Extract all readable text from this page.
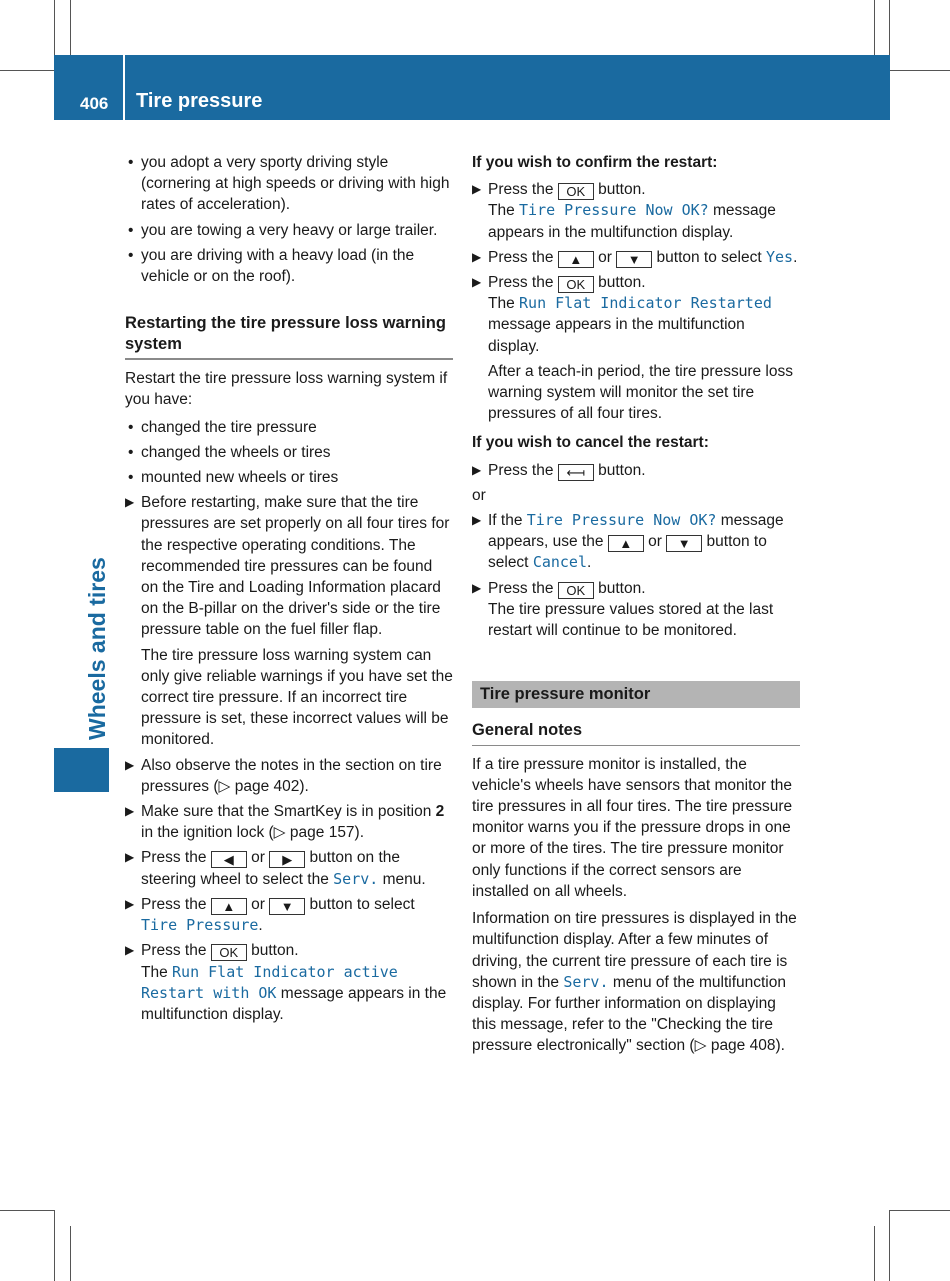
406 Tire pressure
Wheels and tires
• you adopt a very sporty driving style (cornering at high speeds or driving with high rates of acceleration).
• you are towing a very heavy or large trailer.
• you are driving with a heavy load (in the vehicle or on the roof).
Restarting the tire pressure loss warning system
Restart the tire pressure loss warning system if you have:
• changed the tire pressure
• changed the wheels or tires
• mounted new wheels or tires
▶ Before restarting, make sure that the tire pressures are set properly on all four tires for the respective operating conditions. The recommended tire pressures can be found on the Tire and Loading Information placard on the B-pillar on the driver's side or the tire pressure table on the fuel filler flap.
The tire pressure loss warning system can only give reliable warnings if you have set the correct tire pressure. If an incorrect tire pressure is set, these incorrect values will be monitored.
▶ Also observe the notes in the section on tire pressures (▷ page 402).
▶ Make sure that the SmartKey is in position 2 in the ignition lock (▷ page 157).
▶ Press the ◀ or ▶ button on the steering wheel to select the Serv. menu.
▶ Press the ▲ or ▼ button to select Tire Pressure.
▶ Press the OK button.
The Run Flat Indicator active Restart with OK message appears in the multifunction display.
If you wish to confirm the restart:
▶ Press the OK button.
The Tire Pressure Now OK? message appears in the multifunction display.
▶ Press the ▲ or ▼ button to select Yes.
▶ Press the OK button.
The Run Flat Indicator Restarted message appears in the multifunction display.
After a teach-in period, the tire pressure loss warning system will monitor the set tire pressures of all four tires.
If you wish to cancel the restart:
▶ Press the ⟻ button.
or
▶ If the Tire Pressure Now OK? message appears, use the ▲ or ▼ button to select Cancel.
▶ Press the OK button.
The tire pressure values stored at the last restart will continue to be monitored.
Tire pressure monitor
General notes
If a tire pressure monitor is installed, the vehicle's wheels have sensors that monitor the tire pressures in all four tires. The tire pressure monitor warns you if the pressure drops in one or more of the tires. The tire pressure monitor only functions if the correct sensors are installed on all wheels.
Information on tire pressures is displayed in the multifunction display. After a few minutes of driving, the current tire pressure of each tire is shown in the Serv. menu of the multifunction display. For further information on displaying this message, refer to the "Checking the tire pressure electronically" section (▷ page 408).
